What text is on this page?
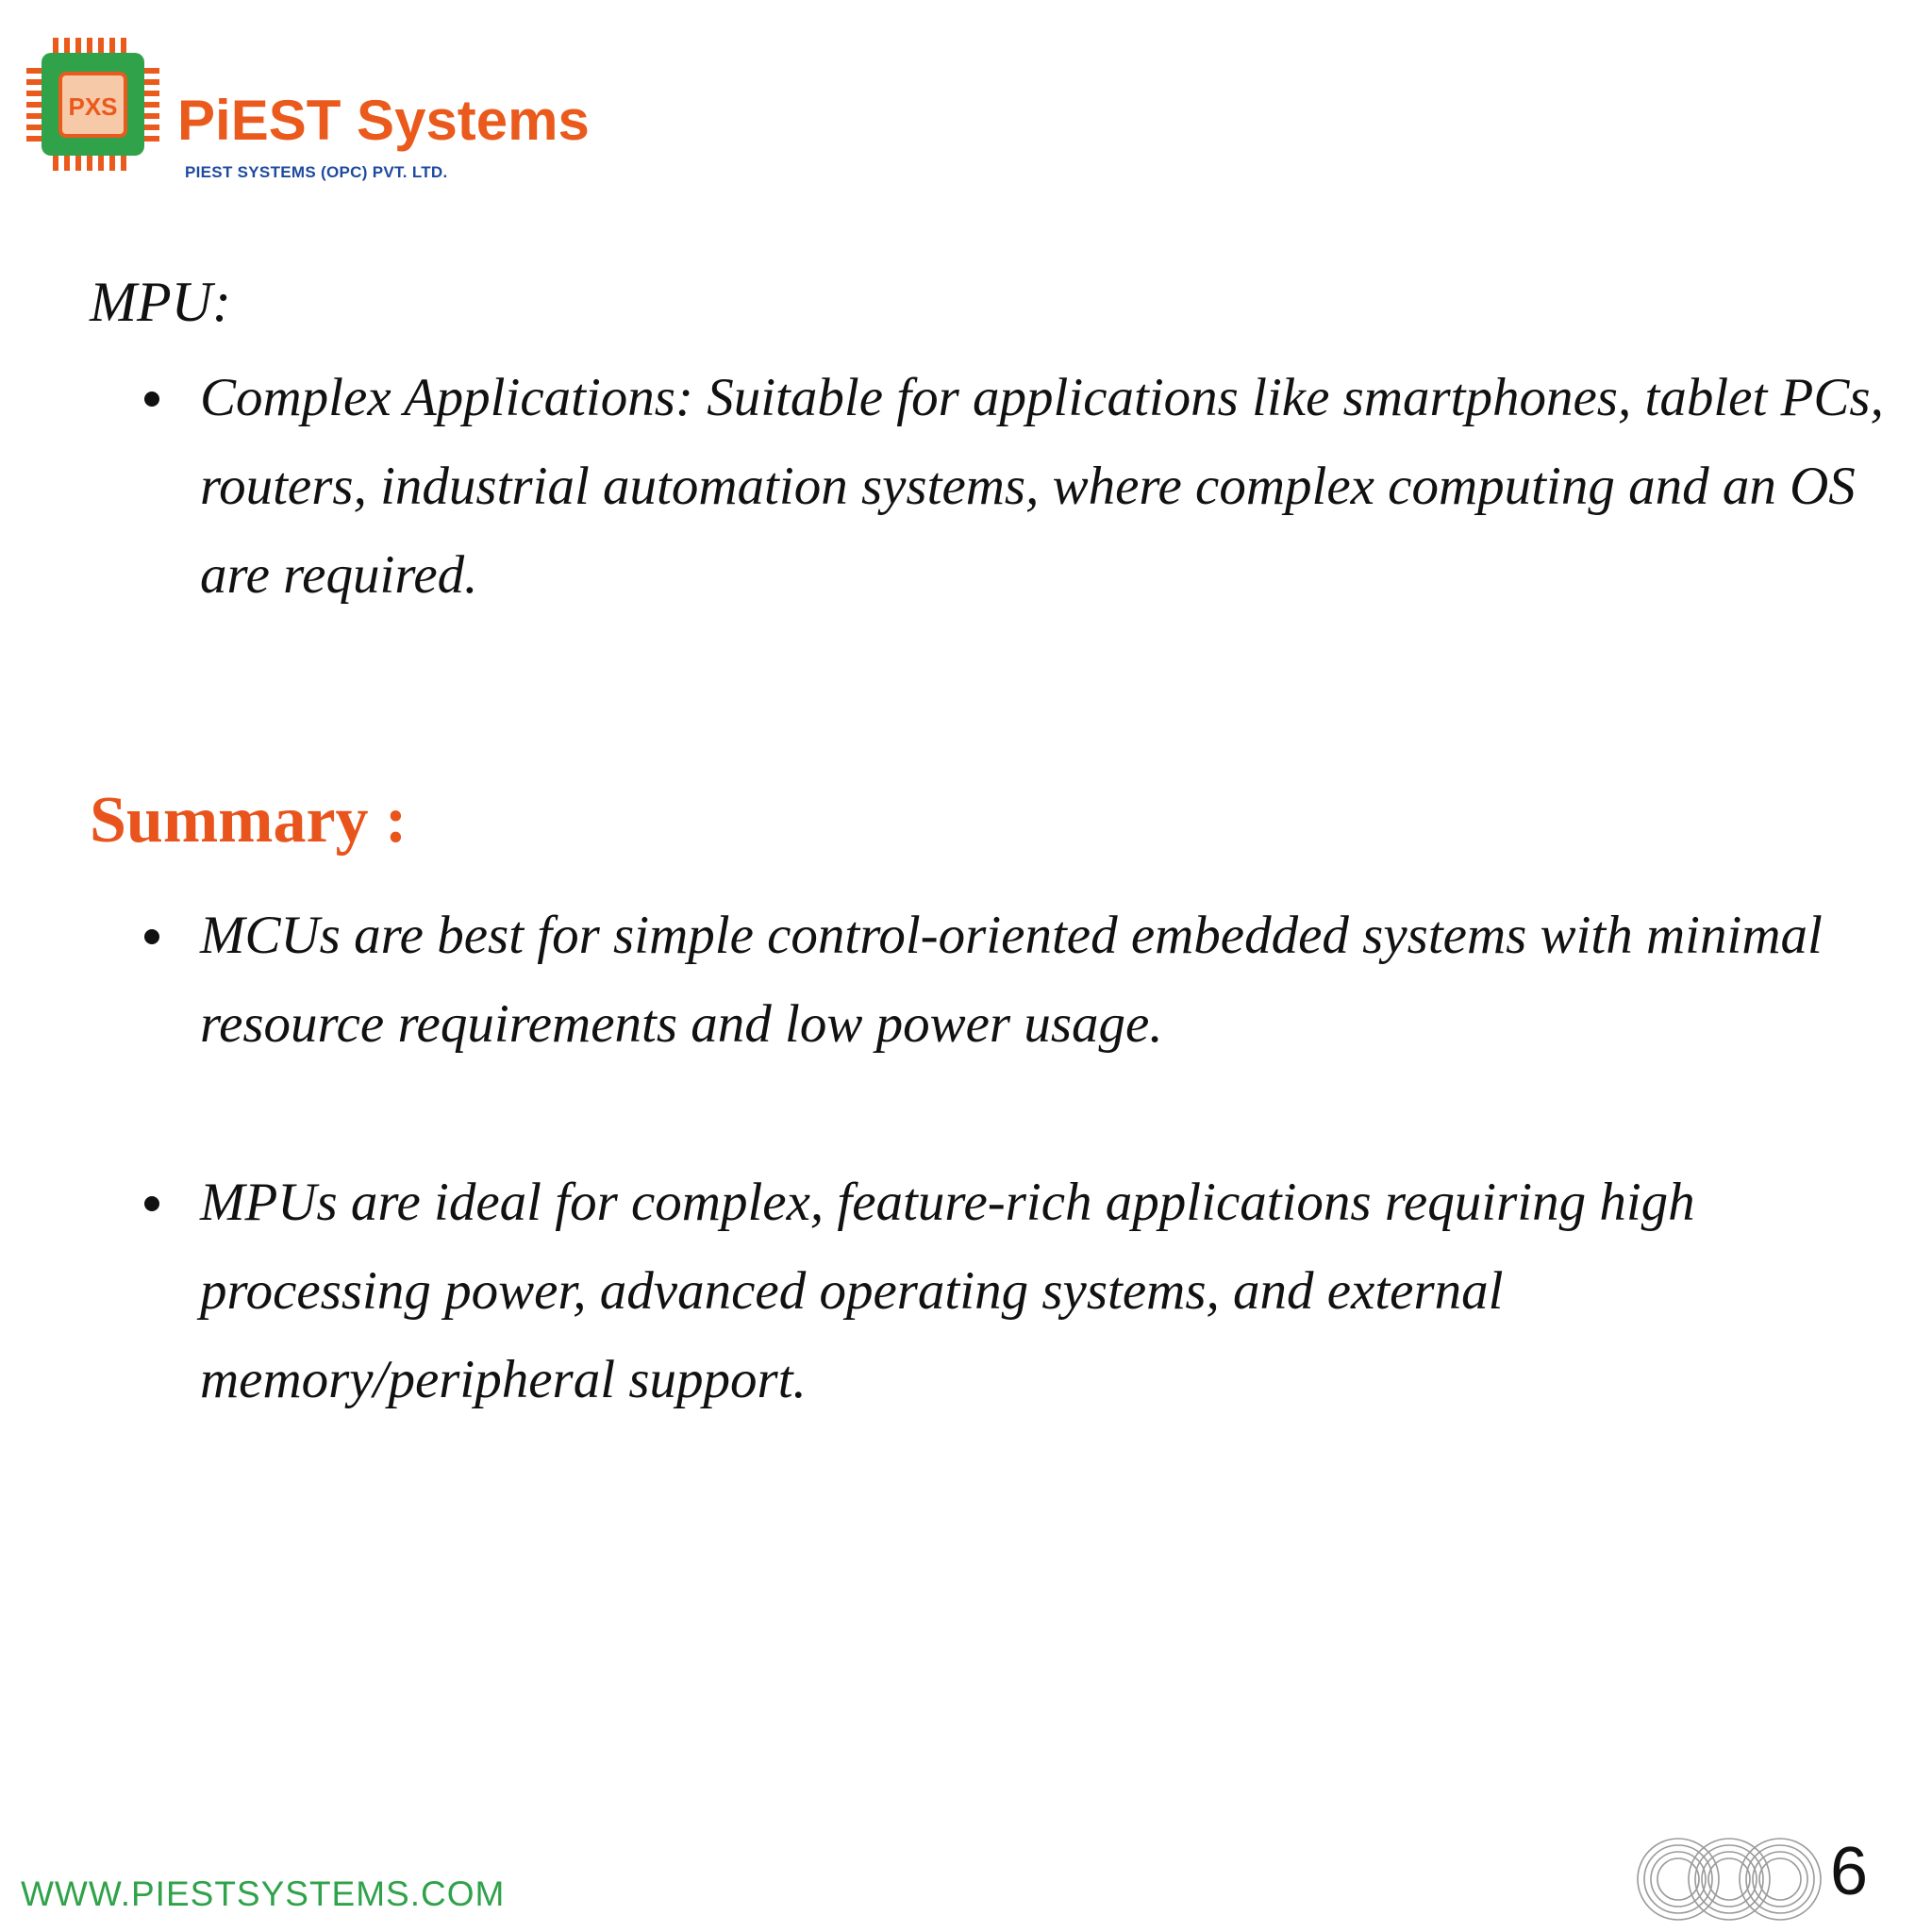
PXS PiEST Systems
PIEST SYSTEMS (OPC) PVT. LTD.
MPU:
Complex Applications: Suitable for applications like smartphones, tablet PCs, routers, industrial automation systems, where complex computing and an OS are required.
Summary :
MCUs are best for simple control-oriented embedded systems with minimal resource requirements and low power usage.
MPUs are ideal for complex, feature-rich applications requiring high processing power, advanced operating systems, and external memory/peripheral support.
WWW.PIESTSYSTEMS.COM	6
